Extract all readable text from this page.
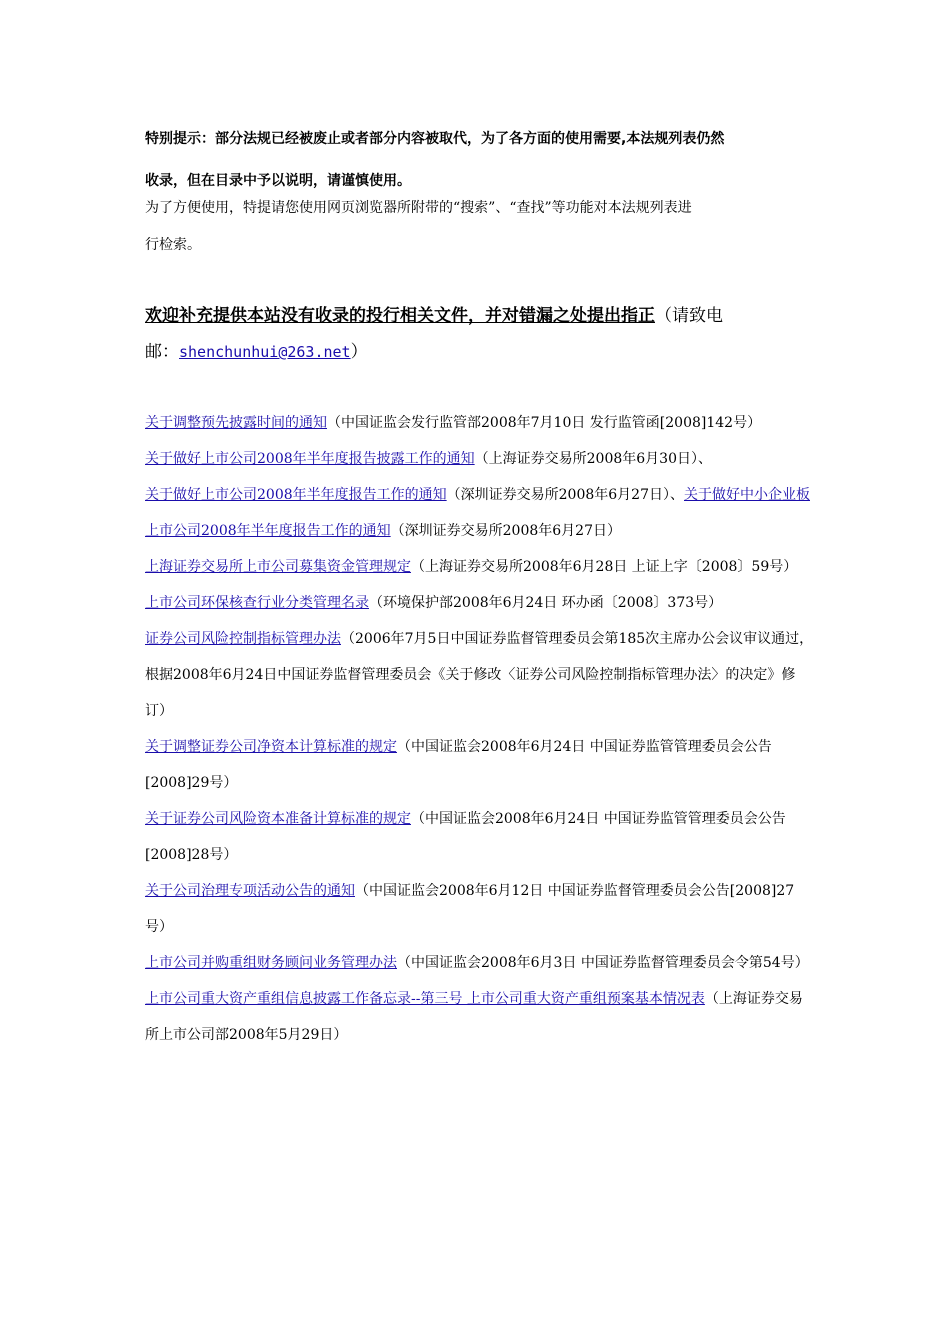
特别提示：部分法规已经被废止或者部分内容被取代，为了各方面的使用需要,本法规列表仍然
收录，但在目录中予以说明，请谨慎使用。
为了方便使用，特提请您使用网页浏览器所附带的“搜索”、“查找”等功能对本法规列表进
行检索。
欢迎补充提供本站没有收录的投行相关文件，并对错漏之处提出指正（请致电
邮：shenchunhui@263.net）
关于调整预先披露时间的通知（中国证监会发行监管部2008年7月10日 发行监管函[2008]142号）
关于做好上市公司2008年半年度报告披露工作的通知（上海证券交易所2008年6月30日）、
关于做好上市公司2008年半年度报告工作的通知（深圳证券交易所2008年6月27日）、关于做好中小企业板上市公司2008年半年度报告工作的通知（深圳证券交易所2008年6月27日）
上海证券交易所上市公司募集资金管理规定（上海证券交易所2008年6月28日 上证上字〔2008〕59号）
上市公司环保核查行业分类管理名录（环境保护部2008年6月24日 环办函〔2008〕373号）
证券公司风险控制指标管理办法（2006年7月5日中国证券监督管理委员会第185次主席办公会议审议通过，根据2008年6月24日中国证券监督管理委员会《关于修改〈证券公司风险控制指标管理办法〉的决定》修订）
关于调整证券公司净资本计算标准的规定（中国证监会2008年6月24日 中国证券监管管理委员会公告[2008]29号）
关于证券公司风险资本准备计算标准的规定（中国证监会2008年6月24日 中国证券监管管理委员会公告[2008]28号）
关于公司治理专项活动公告的通知（中国证监会2008年6月12日 中国证券监督管理委员会公告[2008]27号）
上市公司并购重组财务顾问业务管理办法（中国证监会2008年6月3日 中国证券监督管理委员会令第54号）
上市公司重大资产重组信息披露工作备忘录--第三号 上市公司重大资产重组预案基本情况表（上海证券交易所上市公司部2008年5月29日）
